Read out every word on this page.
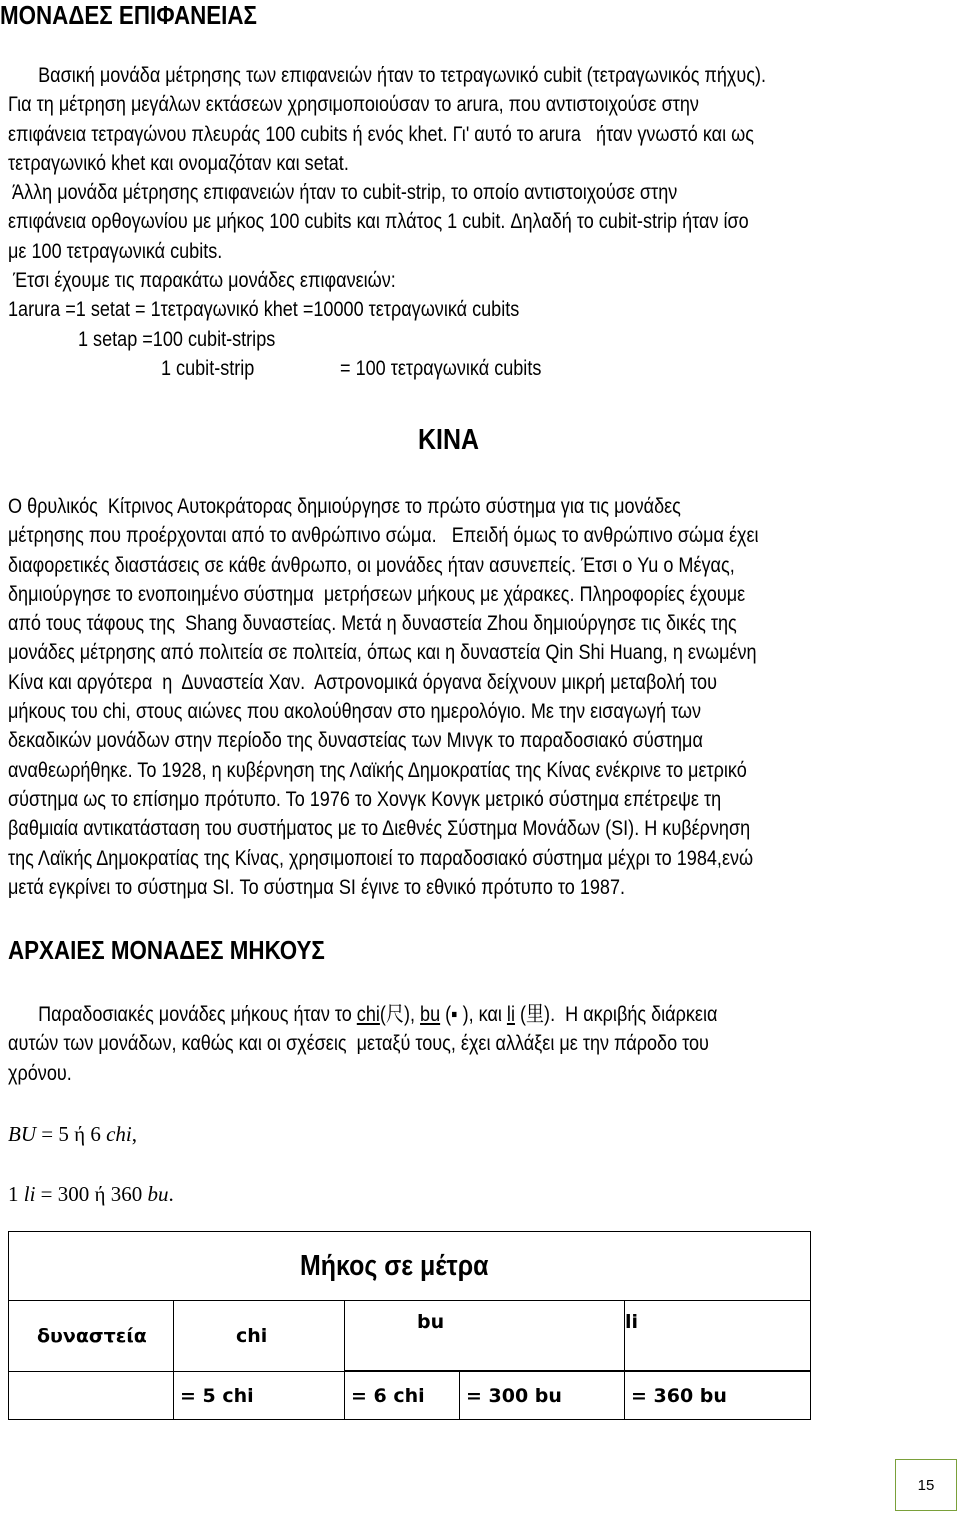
ΜΟΝΑΔΕΣ ΕΠΙΦΑΝΕΙΑΣ
Βασική μονάδα μέτρησης των επιφανειών ήταν το τετραγωνικό cubit (τετραγωνικός πήχυς).
Για τη μέτρηση μεγάλων εκτάσεων χρησιμοποιούσαν το arura, που αντιστοιχούσε στην
επιφάνεια τετραγώνου πλευράς 100 cubits ή ενός khet. Γι' αυτό το arura   ήταν γνωστό και ως
τετραγωνικό khet και ονομαζόταν και setat.
Άλλη μονάδα μέτρησης επιφανειών ήταν το cubit-strip, το οποίο αντιστοιχούσε στην
επιφάνεια ορθογωνίου με μήκος 100 cubits και πλάτος 1 cubit. Δηλαδή το cubit-strip ήταν ίσο
με 100 τετραγωνικά cubits.
Έτσι έχουμε τις παρακάτω μονάδες επιφανειών:
1arura =1 setat = 1τετραγωνικό khet =10000 τετραγωνικά cubits
1 setap =100 cubit-strips
1 cubit-strip	= 100 τετραγωνικά cubits
ΚΙΝΑ
Ο θρυλικός  Κίτρινος Αυτοκράτορας δημιούργησε το πρώτο σύστημα για τις μονάδες
μέτρησης που προέρχονται από το ανθρώπινο σώμα.   Επειδή όμως το ανθρώπινο σώμα έχει
διαφορετικές διαστάσεις σε κάθε άνθρωπο, οι μονάδες ήταν ασυνεπείς. Έτσι ο Yu ο Μέγας,
δημιούργησε το ενοποιημένο σύστημα  μετρήσεων μήκους με χάρακες. Πληροφορίες έχουμε
από τους τάφους της  Shang δυναστείας. Μετά η δυναστεία Zhou δημιούργησε τις δικές της
μονάδες μέτρησης από πολιτεία σε πολιτεία, όπως και η δυναστεία Qin Shi Huang, η ενωμένη
Κίνα και αργότερα  η  Δυναστεία Χαν.  Αστρονομικά όργανα δείχνουν μικρή μεταβολή του
μήκους του chi, στους αιώνες που ακολούθησαν στο ημερολόγιο. Με την εισαγωγή των
δεκαδικών μονάδων στην περίοδο της δυναστείας των Μινγκ το παραδοσιακό σύστημα
αναθεωρήθηκε. Το 1928, η κυβέρνηση της Λαϊκής Δημοκρατίας της Κίνας ενέκρινε το μετρικό
σύστημα ως το επίσημο πρότυπο. Το 1976 το Χονγκ Κονγκ μετρικό σύστημα επέτρεψε τη
βαθμιαία αντικατάσταση του συστήματος με το Διεθνές Σύστημα Μονάδων (SI). Η κυβέρνηση
της Λαϊκής Δημοκρατίας της Κίνας, χρησιμοποιεί το παραδοσιακό σύστημα μέχρι το 1984,ενώ
μετά εγκρίνει το σύστημα SI. Το σύστημα SI έγινε το εθνικό πρότυπο το 1987.
ΑΡΧΑΙΕΣ ΜΟΝΑΔΕΣ ΜΗΚΟΥΣ
Παραδοσιακές μονάδες μήκους ήταν το chi(尺), bu (▪ ), και li (里).  Η ακριβής διάρκεια
αυτών των μονάδων, καθώς και οι σχέσεις  μεταξύ τους, έχει αλλάξει με την πάροδο του
χρόνου.
BU = 5 ή 6 chi,
1 li = 300 ή 360 bu.
Μήκος σε μέτρα				
δυναστεία	chi	bu		li

	= 5 chi	= 6 chi	= 300 bu	= 360 bu
15
